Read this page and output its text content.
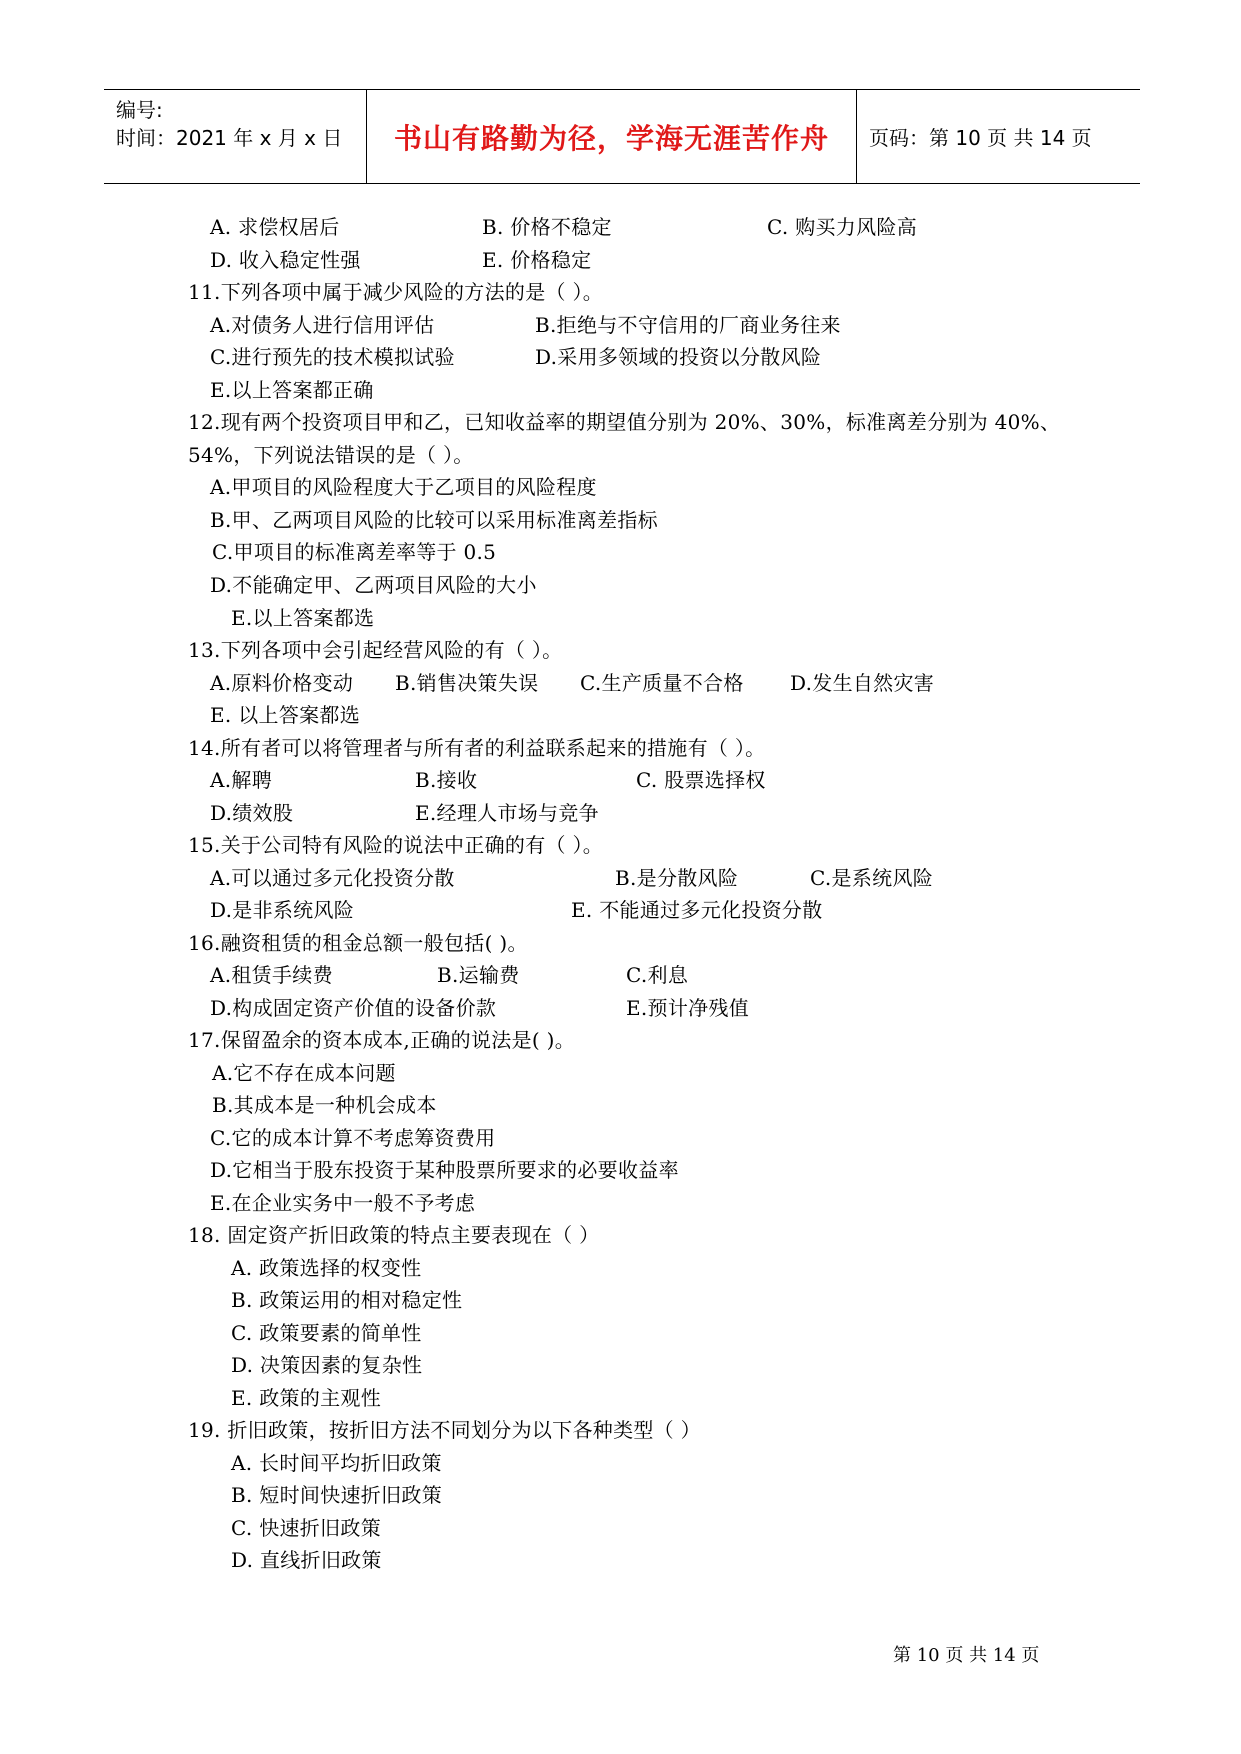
编号:
时间：2021 年 x 月 x 日 书山有路勤为径，学海无涯苦作舟 页码：第 10 页 共 14 页
A. 求偿权居后	B. 价格不稳定	C. 购买力风险高
D. 收入稳定性强	E. 价格稳定
11.下列各项中属于减少风险的方法的是（ ）。
A.对债务人进行信用评估	B.拒绝与不守信用的厂商业务往来
C.进行预先的技术模拟试验	D.采用多领域的投资以分散风险
E.以上答案都正确
12.现有两个投资项目甲和乙，已知收益率的期望值分别为 20%、30%，标准离差分别为 40%、
54%，下列说法错误的是（ ）。
A.甲项目的风险程度大于乙项目的风险程度
B.甲、乙两项目风险的比较可以采用标准离差指标
C.甲项目的标准离差率等于 0.5
D.不能确定甲、乙两项目风险的大小
E.以上答案都选
13.下列各项中会引起经营风险的有（ ）。
A.原料价格变动 B.销售决策失误 C.生产质量不合格 D.发生自然灾害
E. 以上答案都选
14.所有者可以将管理者与所有者的利益联系起来的措施有（ ）。
A.解聘	B.接收	C. 股票选择权
D.绩效股	E.经理人市场与竞争
15.关于公司特有风险的说法中正确的有（ ）。
A.可以通过多元化投资分散	B.是分散风险	C.是系统风险
D.是非系统风险	E. 不能通过多元化投资分散
16.融资租赁的租金总额一般包括( )。
A.租赁手续费	B.运输费	C.利息
D.构成固定资产价值的设备价款	E.预计净残值
17.保留盈余的资本成本,正确的说法是( )。
A.它不存在成本问题
B.其成本是一种机会成本
C.它的成本计算不考虑筹资费用
D.它相当于股东投资于某种股票所要求的必要收益率
E.在企业实务中一般不予考虑
18. 固定资产折旧政策的特点主要表现在（ ）
A. 政策选择的权变性
B. 政策运用的相对稳定性
C. 政策要素的简单性
D. 决策因素的复杂性
E. 政策的主观性
19. 折旧政策，按折旧方法不同划分为以下各种类型（ ）
A. 长时间平均折旧政策
B. 短时间快速折旧政策
C. 快速折旧政策
D. 直线折旧政策
第 10 页 共 14 页
